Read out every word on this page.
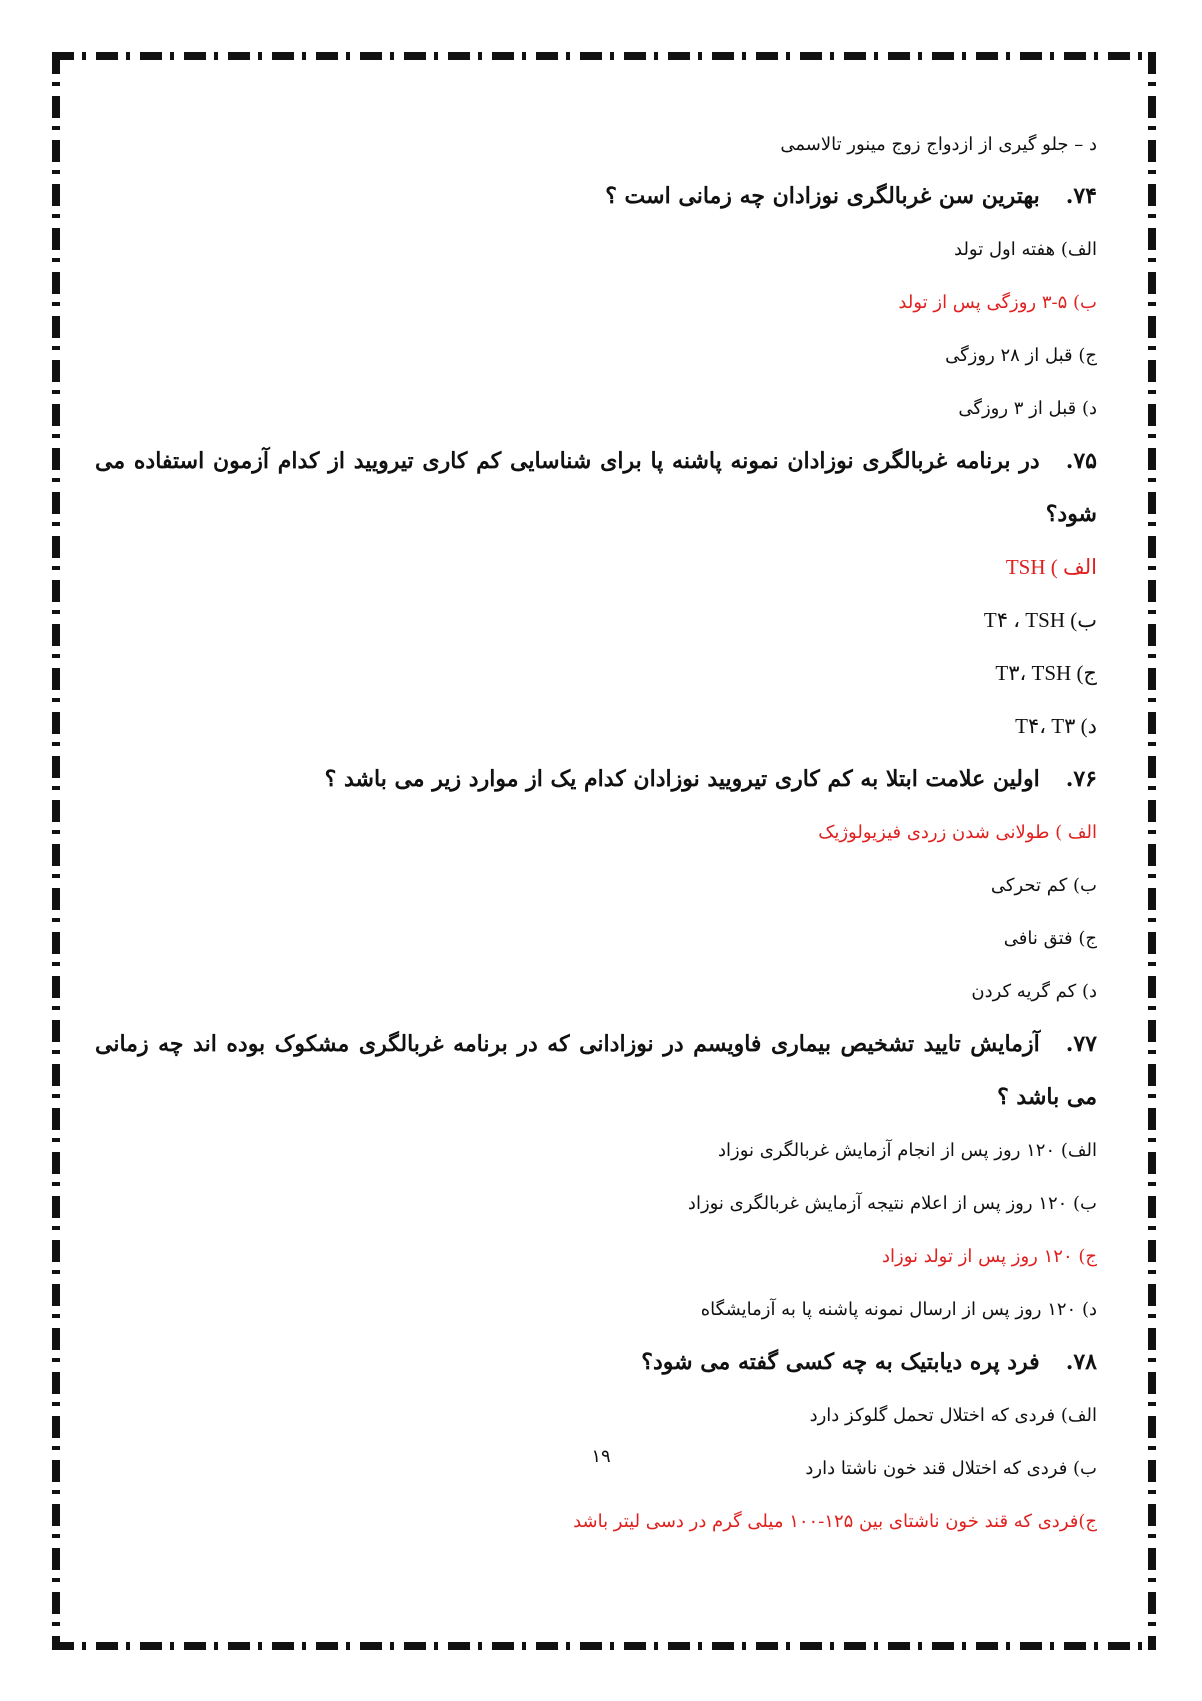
د – جلو گیری از ازدواج زوج مینور تالاسمی
۷۴.بهترین سن غربالگری نوزادان چه زمانی است ؟
الف) هفته اول تولد
ب) ۵-۳ روزگی پس از تولد
ج) قبل از ۲۸ روزگی
د) قبل از ۳ روزگی
۷۵.در برنامه غربالگری نوزادان نمونه پاشنه پا برای شناسایی کم کاری تیرویید از کدام آزمون استفاده می شود؟
الف ) TSH
ب) T۴ ، TSH
ج) T۳، TSH
د) T۴، T۳
۷۶.اولین علامت ابتلا به کم کاری تیرویید نوزادان کدام یک از موارد زیر می باشد ؟
الف ) طولانی شدن زردی فیزیولوژیک
ب) کم تحرکی
ج) فتق نافی
د) کم گریه کردن
۷۷.آزمایش تایید تشخیص بیماری فاویسم در نوزادانی که در برنامه غربالگری مشکوک بوده اند چه زمانی می باشد ؟
الف) ۱۲۰ روز پس از انجام آزمایش غربالگری نوزاد
ب) ۱۲۰ روز پس از اعلام نتیجه آزمایش غربالگری نوزاد
ج) ۱۲۰ روز پس از تولد نوزاد
د) ۱۲۰ روز پس از ارسال نمونه پاشنه پا به آزمایشگاه
۷۸.فرد پره دیابتیک به چه کسی گفته می شود؟
الف) فردی که اختلال تحمل گلوکز دارد
ب) فردی که اختلال قند خون ناشتا دارد
ج)فردی که قند خون ناشتای بین ۱۲۵-۱۰۰ میلی گرم در دسی لیتر باشد
۱۹
